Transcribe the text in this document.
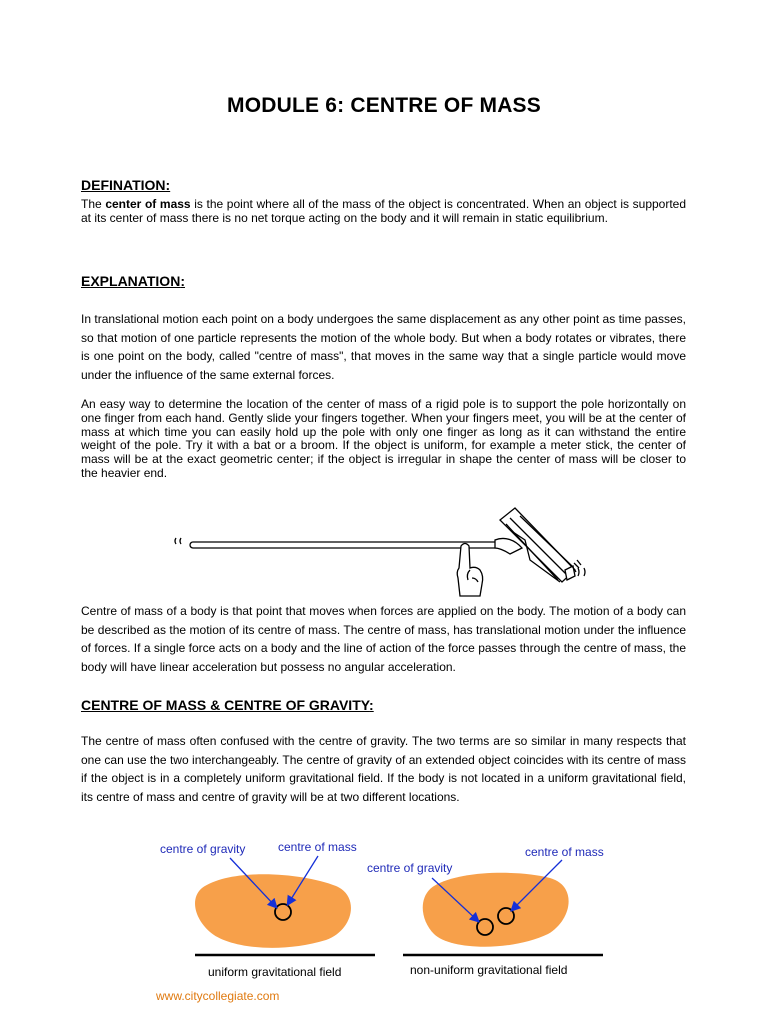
MODULE 6: CENTRE OF MASS
DEFINATION:
The center of mass is the point where all of the mass of the object is concentrated. When an object is supported at its center of mass there is no net torque acting on the body and it will remain in static equilibrium.
EXPLANATION:
In translational motion each point on a body undergoes the same displacement as any other point as time passes, so that motion of one particle represents the motion of the whole body. But when a body rotates or vibrates, there is one point on the body, called "centre of mass", that moves in the same way that a single particle would move under the influence of the same external forces.
An easy way to determine the location of the center of mass of a rigid pole is to support the pole horizontally on one finger from each hand. Gently slide your fingers together. When your fingers meet, you will be at the center of mass at which time you can easily hold up the pole with only one finger as long as it can withstand the entire weight of the pole. Try it with a bat or a broom. If the object is uniform, for example a meter stick, the center of mass will be at the exact geometric center; if the object is irregular in shape the center of mass will be closer to the heavier end.
Centre of mass of a body is that point that moves when forces are applied on the body. The motion of a body can be described as the motion of its centre of mass. The centre of mass, has translational motion under the influence of forces. If a single force acts on a body and the line of action of the force passes through the centre of mass, the body will have linear acceleration but possess no angular acceleration.
CENTRE OF MASS & CENTRE OF GRAVITY:
The centre of mass often confused with the centre of gravity. The two terms are so similar in many respects that one can use the two interchangeably. The centre of gravity of an extended object coincides with its centre of mass if the object is in a completely uniform gravitational field. If the body is not located in a uniform gravitational field, its centre of mass and centre of gravity will be at two different locations.
centre of gravity	centre of mass
uniform gravitational field
centre of gravity
centre of mass
non-uniform gravitational field
www.citycollegiate.com
